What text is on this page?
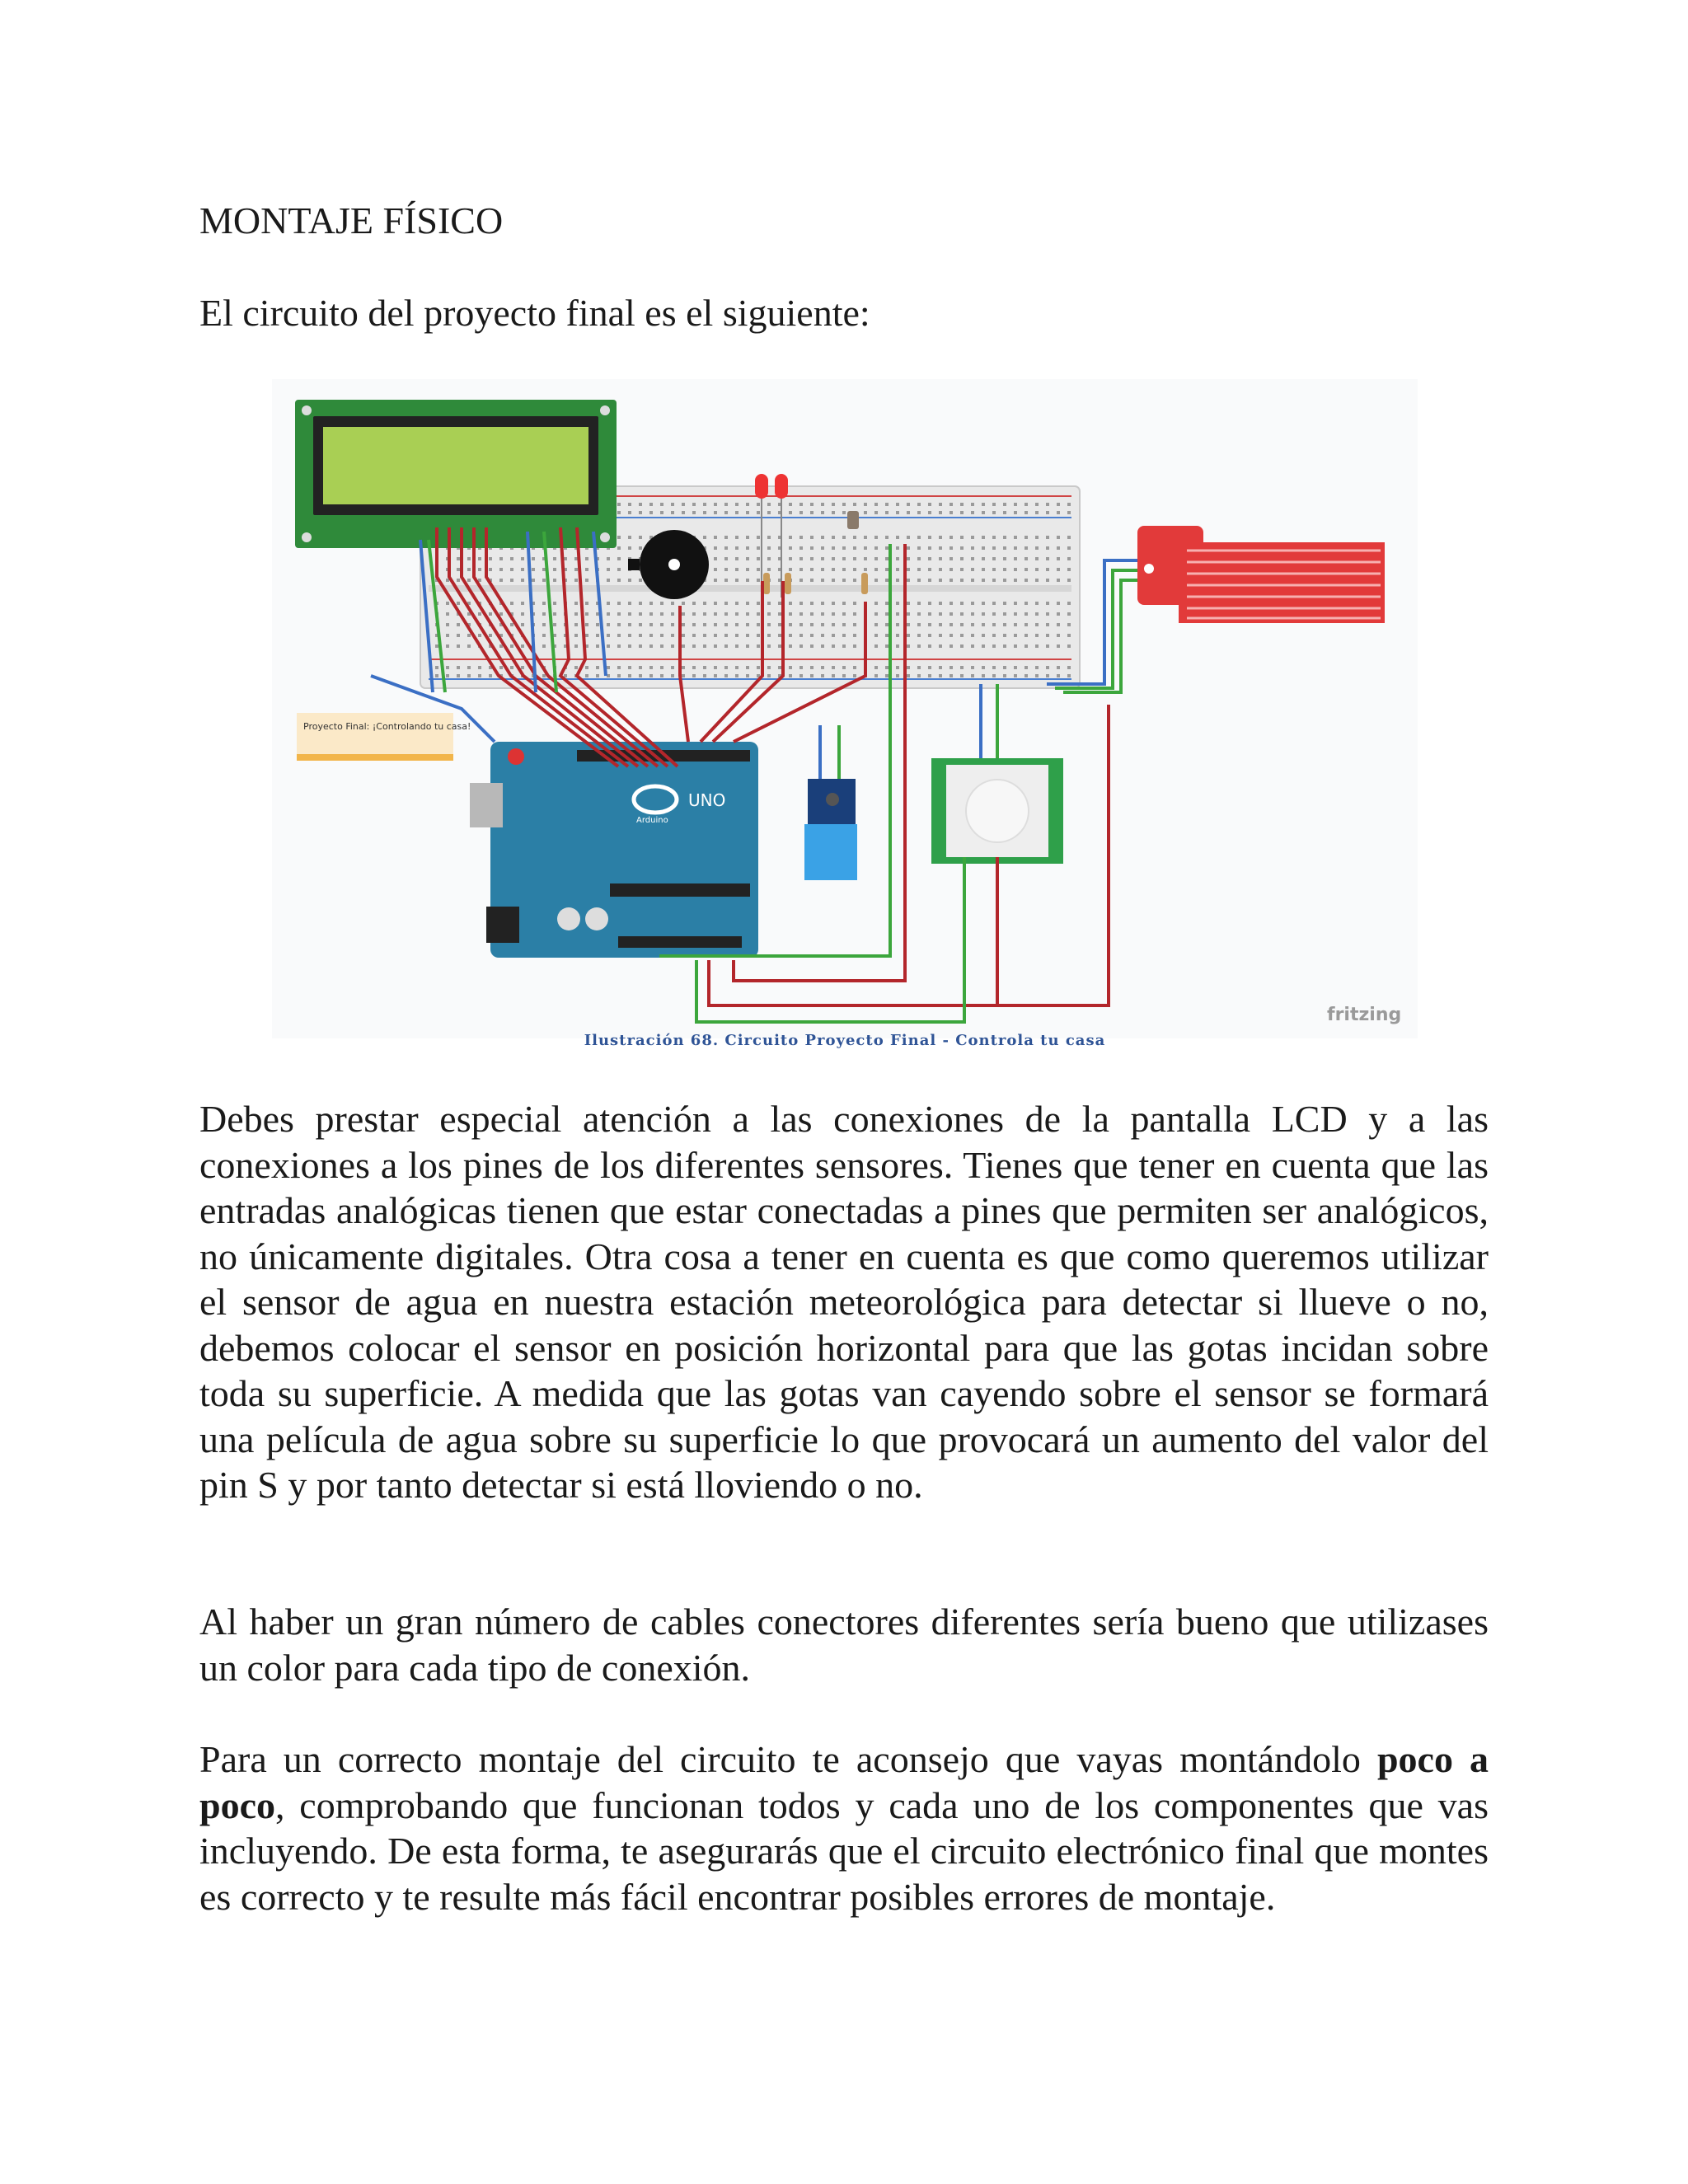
MONTAJE FÍSICO
El circuito del proyecto final es el siguiente:
Proyecto Final: ¡Controlando tu casa!
UNO
Arduino
fritzing
Ilustración 68. Circuito Proyecto Final - Controla tu casa

Debes prestar especial atención a las conexiones de la pantalla LCD y a las conexiones a los pines de los diferentes sensores. Tienes que tener en cuenta que las entradas analógicas tienen que estar conectadas a pines que permiten ser analógicos, no únicamente digitales. Otra cosa a tener en cuenta es que como queremos utilizar el sensor de agua en nuestra estación meteorológica para detectar si llueve o no, debemos colocar el sensor en posición horizontal para que las gotas incidan sobre toda su superficie. A medida que las gotas van cayendo sobre el sensor se formará una película de agua sobre su superficie lo que provocará un aumento del valor del pin S y por tanto detectar si está lloviendo o no.

Al haber un gran número de cables conectores diferentes sería bueno que utilizases un color para cada tipo de conexión.

Para un correcto montaje del circuito te aconsejo que vayas montándolo poco a poco, comprobando que funcionan todos y cada uno de los componentes que vas incluyendo. De esta forma, te asegurarás que el circuito electrónico final que montes es correcto y te resulte más fácil encontrar posibles errores de montaje.
